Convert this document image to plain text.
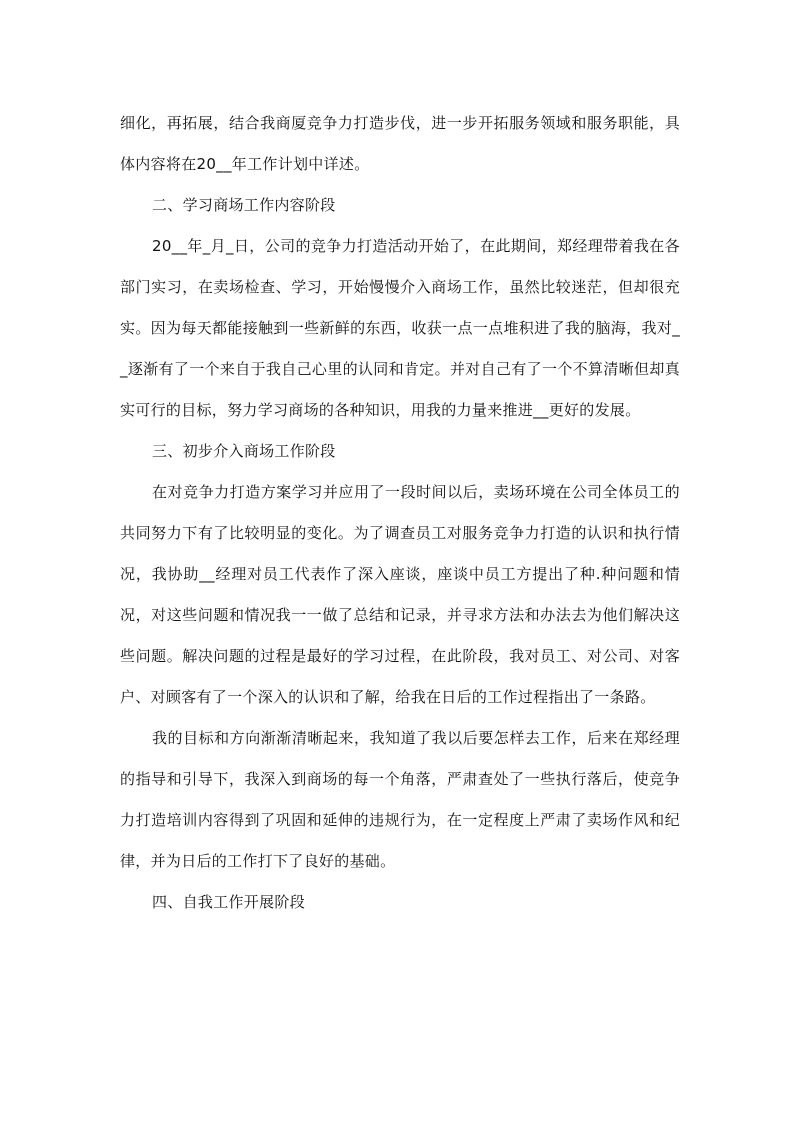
细化，再拓展，结合我商厦竞争力打造步伐，进一步开拓服务领域和服务职能，具体内容将在20__年工作计划中详述。

二、学习商场工作内容阶段

20__年_月_日，公司的竞争力打造活动开始了，在此期间，郑经理带着我在各部门实习，在卖场检查、学习，开始慢慢介入商场工作，虽然比较迷茫，但却很充实。因为每天都能接触到一些新鲜的东西，收获一点一点堆积进了我的脑海，我对__逐渐有了一个来自于我自己心里的认同和肯定。并对自己有了一个不算清晰但却真实可行的目标，努力学习商场的各种知识，用我的力量来推进__更好的发展。

三、初步介入商场工作阶段

在对竞争力打造方案学习并应用了一段时间以后，卖场环境在公司全体员工的共同努力下有了比较明显的变化。为了调查员工对服务竞争力打造的认识和执行情况，我协助__经理对员工代表作了深入座谈，座谈中员工方提出了种.种问题和情况，对这些问题和情况我一一做了总结和记录，并寻求方法和办法去为他们解决这些问题。解决问题的过程是最好的学习过程，在此阶段，我对员工、对公司、对客户、对顾客有了一个深入的认识和了解，给我在日后的工作过程指出了一条路。

我的目标和方向渐渐清晰起来，我知道了我以后要怎样去工作，后来在郑经理的指导和引导下，我深入到商场的每一个角落，严肃查处了一些执行落后，使竞争力打造培训内容得到了巩固和延伸的违规行为，在一定程度上严肃了卖场作风和纪律，并为日后的工作打下了良好的基础。

四、自我工作开展阶段
